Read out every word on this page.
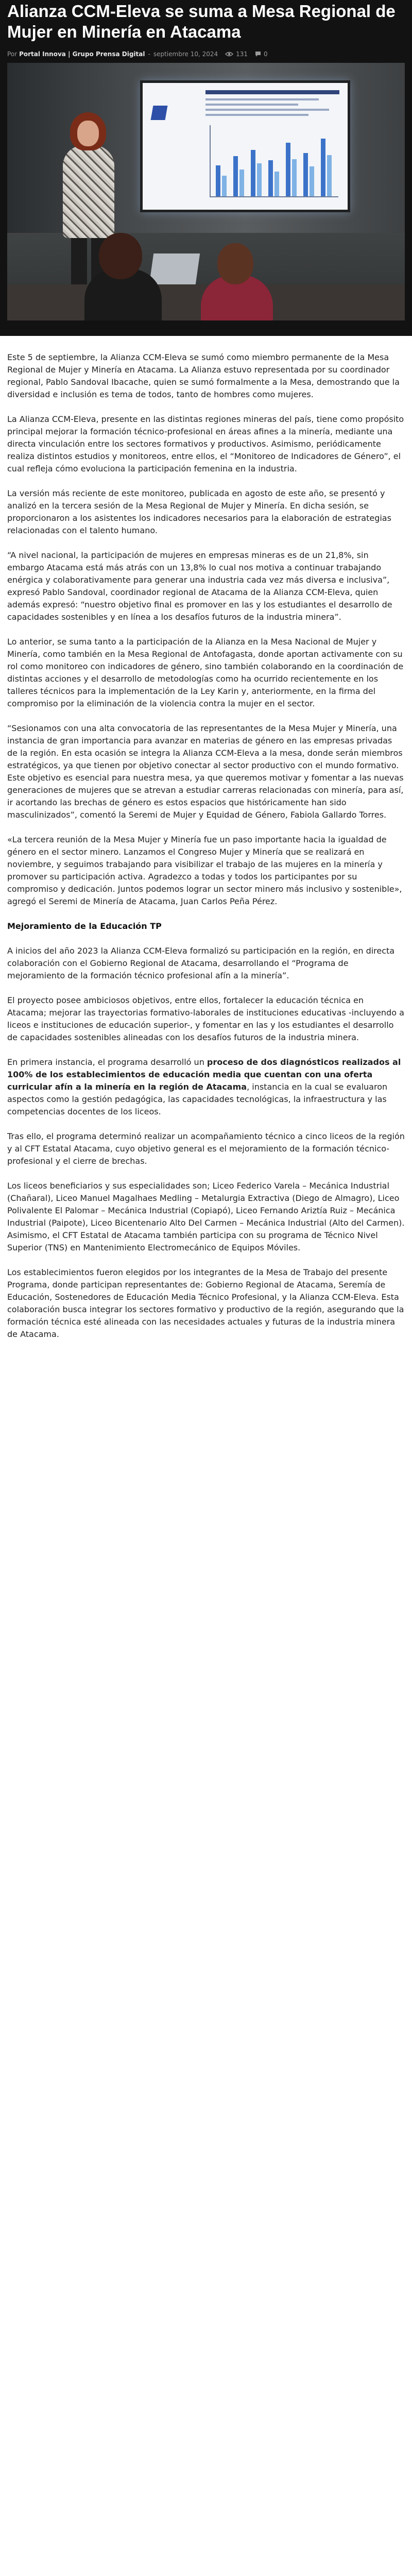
Alianza CCM-Eleva se suma a Mesa Regional de Mujer en Minería en Atacama
Por Portal Innova | Grupo Prensa Digital - septiembre 10, 2024	131	0

Este 5 de septiembre, la Alianza CCM-Eleva se sumó como miembro permanente de la Mesa Regional de Mujer y Minería en Atacama. La Alianza estuvo representada por su coordinador regional, Pablo Sandoval Ibacache, quien se sumó formalmente a la Mesa, demostrando que la diversidad e inclusión es tema de todos, tanto de hombres como mujeres.

La Alianza CCM-Eleva, presente en las distintas regiones mineras del país, tiene como propósito principal mejorar la formación técnico-profesional en áreas afines a la minería, mediante una directa vinculación entre los sectores formativos y productivos. Asimismo, periódicamente realiza distintos estudios y monitoreos, entre ellos, el “Monitoreo de Indicadores de Género”, el cual refleja cómo evoluciona la participación femenina en la industria.

La versión más reciente de este monitoreo, publicada en agosto de este año, se presentó y analizó en la tercera sesión de la Mesa Regional de Mujer y Minería. En dicha sesión, se proporcionaron a los asistentes los indicadores necesarios para la elaboración de estrategias relacionadas con el talento humano.

“A nivel nacional, la participación de mujeres en empresas mineras es de un 21,8%, sin embargo Atacama está más atrás con un 13,8% lo cual nos motiva a continuar trabajando enérgica y colaborativamente para generar una industria cada vez más diversa e inclusiva”, expresó Pablo Sandoval, coordinador regional de Atacama de la Alianza CCM-Eleva, quien además expresó: “nuestro objetivo final es promover en las y los estudiantes el desarrollo de capacidades sostenibles y en línea a los desafíos futuros de la industria minera”.

Lo anterior, se suma tanto a la participación de la Alianza en la Mesa Nacional de Mujer y Minería, como también en la Mesa Regional de Antofagasta, donde aportan activamente con su rol como monitoreo con indicadores de género, sino también colaborando en la coordinación de distintas acciones y el desarrollo de metodologías como ha ocurrido recientemente en los talleres técnicos para la implementación de la Ley Karin y, anteriormente, en la firma del compromiso por la eliminación de la violencia contra la mujer en el sector.

“Sesionamos con una alta convocatoria de las representantes de la Mesa Mujer y Minería, una instancia de gran importancia para avanzar en materias de género en las empresas privadas de la región. En esta ocasión se integra la Alianza CCM-Eleva a la mesa, donde serán miembros estratégicos, ya que tienen por objetivo conectar al sector productivo con el mundo formativo. Este objetivo es esencial para nuestra mesa, ya que queremos motivar y fomentar a las nuevas generaciones de mujeres que se atrevan a estudiar carreras relacionadas con minería, para así, ir acortando las brechas de género es estos espacios que históricamente han sido masculinizados”, comentó la Seremi de Mujer y Equidad de Género, Fabiola Gallardo Torres.

«La tercera reunión de la Mesa Mujer y Minería fue un paso importante hacia la igualdad de género en el sector minero. Lanzamos el Congreso Mujer y Minería que se realizará en noviembre, y seguimos trabajando para visibilizar el trabajo de las mujeres en la minería y promover su participación activa. Agradezco a todas y todos los participantes por su compromiso y dedicación. Juntos podemos lograr un sector minero más inclusivo y sostenible», agregó el Seremi de Minería de Atacama, Juan Carlos Peña Pérez.

Mejoramiento de la Educación TP

A inicios del año 2023 la Alianza CCM-Eleva formalizó su participación en la región, en directa colaboración con el Gobierno Regional de Atacama, desarrollando el “Programa de mejoramiento de la formación técnico profesional afín a la minería”.

El proyecto posee ambiciosos objetivos, entre ellos, fortalecer la educación técnica en Atacama; mejorar las trayectorias formativo-laborales de instituciones educativas -incluyendo a liceos e instituciones de educación superior-, y fomentar en las y los estudiantes el desarrollo de capacidades sostenibles alineadas con los desafíos futuros de la industria minera.

En primera instancia, el programa desarrolló un proceso de dos diagnósticos realizados al 100% de los establecimientos de educación media que cuentan con una oferta curricular afín a la minería en la región de Atacama, instancia en la cual se evaluaron aspectos como la gestión pedagógica, las capacidades tecnológicas, la infraestructura y las competencias docentes de los liceos.

Tras ello, el programa determinó realizar un acompañamiento técnico a cinco liceos de la región y al CFT Estatal Atacama, cuyo objetivo general es el mejoramiento de la formación técnico-profesional y el cierre de brechas.

Los liceos beneficiarios y sus especialidades son; Liceo Federico Varela – Mecánica Industrial (Chañaral), Liceo Manuel Magalhaes Medling – Metalurgia Extractiva (Diego de Almagro), Liceo Polivalente El Palomar – Mecánica Industrial (Copiapó), Liceo Fernando Ariztía Ruiz – Mecánica Industrial (Paipote), Liceo Bicentenario Alto Del Carmen – Mecánica Industrial (Alto del Carmen). Asimismo, el CFT Estatal de Atacama también participa con su programa de Técnico Nivel Superior (TNS) en Mantenimiento Electromecánico de Equipos Móviles.

Los establecimientos fueron elegidos por los integrantes de la Mesa de Trabajo del presente Programa, donde participan representantes de: Gobierno Regional de Atacama, Seremía de Educación, Sostenedores de Educación Media Técnico Profesional, y la Alianza CCM-Eleva. Esta colaboración busca integrar los sectores formativo y productivo de la región, asegurando que la formación técnica esté alineada con las necesidades actuales y futuras de la industria minera de Atacama.
